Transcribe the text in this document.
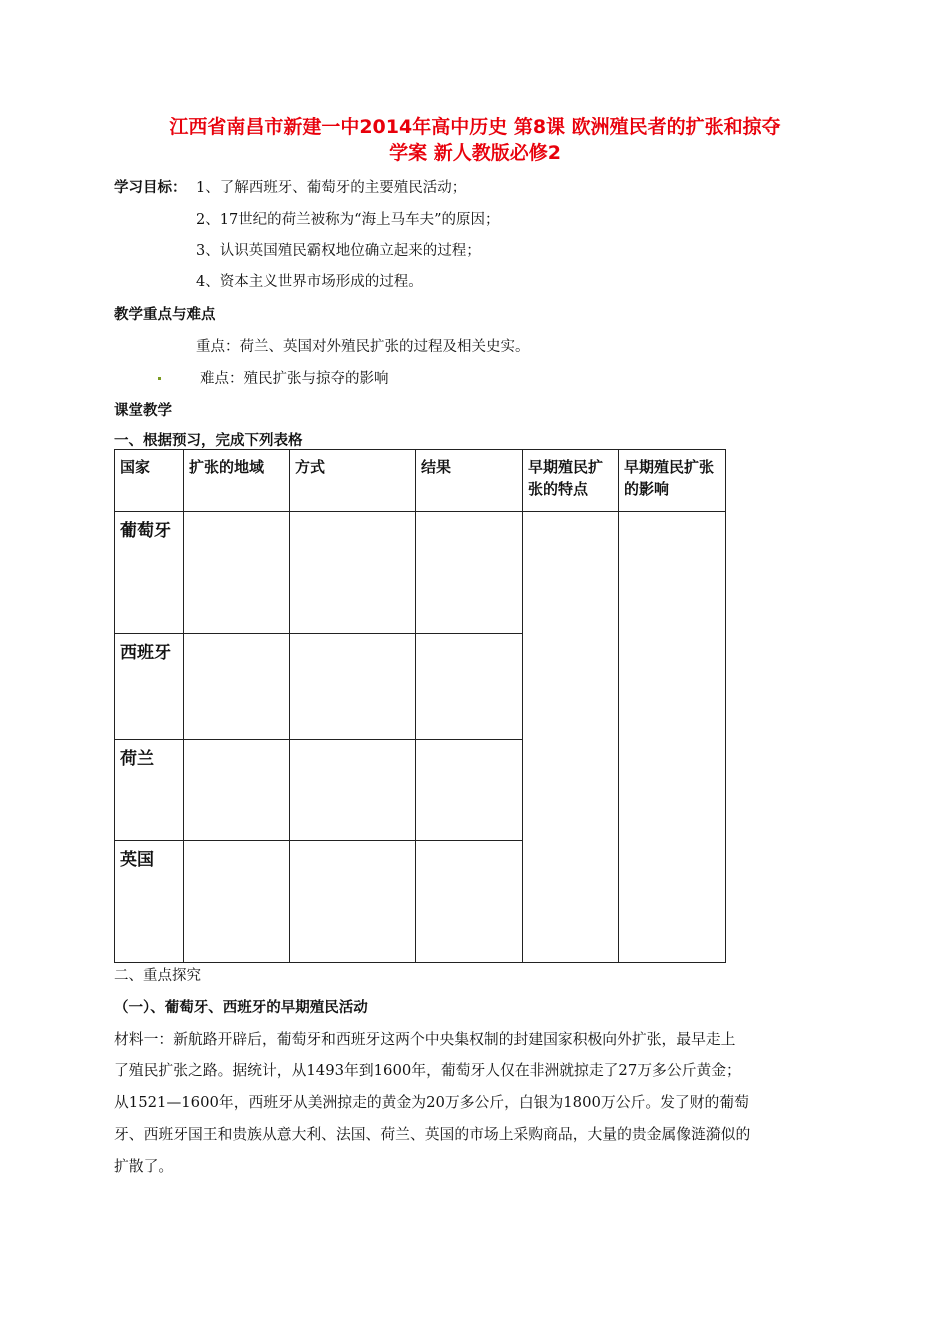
江西省南昌市新建一中2014年高中历史 第8课 欧洲殖民者的扩张和掠夺
学案 新人教版必修2
学习目标： 1、了解西班牙、葡萄牙的主要殖民活动；
2、17世纪的荷兰被称为“海上马车夫”的原因；
3、认识英国殖民霸权地位确立起来的过程；
4、资本主义世界市场形成的过程。
教学重点与难点
重点：荷兰、英国对外殖民扩张的过程及相关史实。
难点：殖民扩张与掠夺的影响
课堂教学
一、根据预习，完成下列表格
国家	扩张的地域	方式	结果	早期殖民扩张的特点	早期殖民扩张的影响
葡萄牙					
西班牙					
荷兰					
英国					
二、重点探究
（一）、葡萄牙、西班牙的早期殖民活动
材料一：新航路开辟后，葡萄牙和西班牙这两个中央集权制的封建国家积极向外扩张，最早走上
了殖民扩张之路。据统计，从1493年到1600年，葡萄牙人仅在非洲就掠走了27万多公斤黄金；
从1521—1600年，西班牙从美洲掠走的黄金为20万多公斤，白银为1800万公斤。发了财的葡萄
牙、西班牙国王和贵族从意大利、法国、荷兰、英国的市场上采购商品，大量的贵金属像涟漪似的
扩散了。
